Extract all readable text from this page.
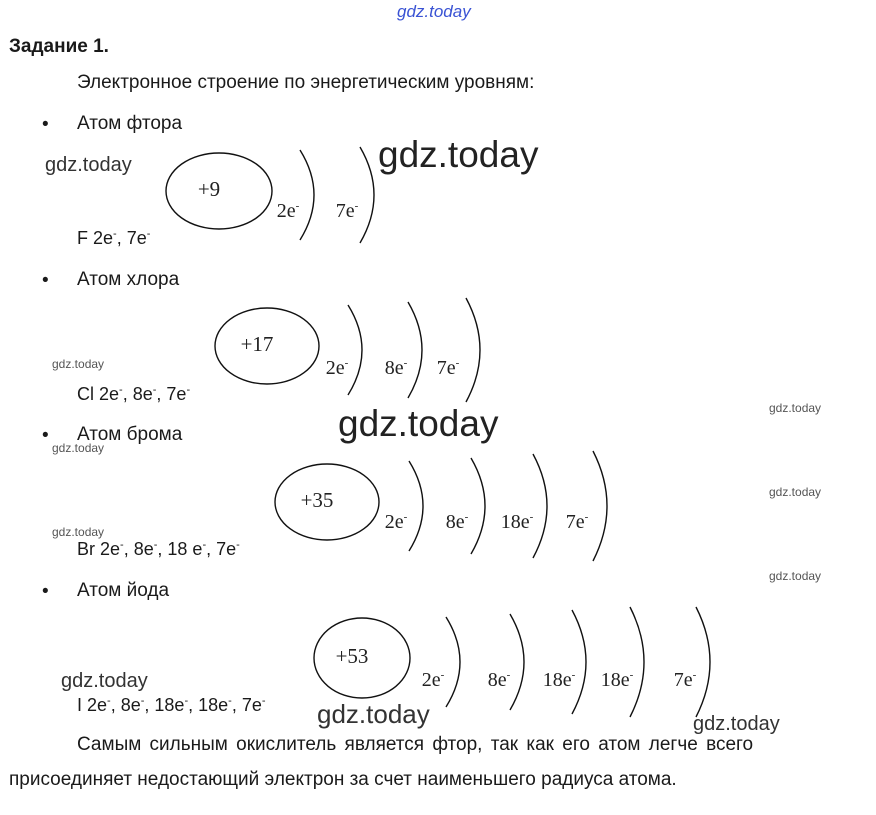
gdz.today
Задание 1.
Электронное строение по энергетическим уровням:
• Атом фтора
• Атом хлора
• Атом брома
• Атом йода
F 2e-, 7e-
Cl 2e-, 8e-, 7e-
Br 2e-, 8e-, 18 e-, 7e-
I 2e-, 8e-, 18e-, 18e-, 7e-
+9
2e- 7e-
+17
2e- 8e- 7e-
+35
2e- 8e- 18e- 7e-
+53
2e- 8e- 18e- 18e- 7e-
Самым сильным окислитель является фтор, так как его атом легче всего
присоединяет недостающий электрон за счет наименьшего радиуса атома.
gdz.today	gdz.today
gdz.today
gdz.today	gdz.today
gdz.today
gdz.today
gdz.today
gdz.today
gdz.today
gdz.today	gdz.today
